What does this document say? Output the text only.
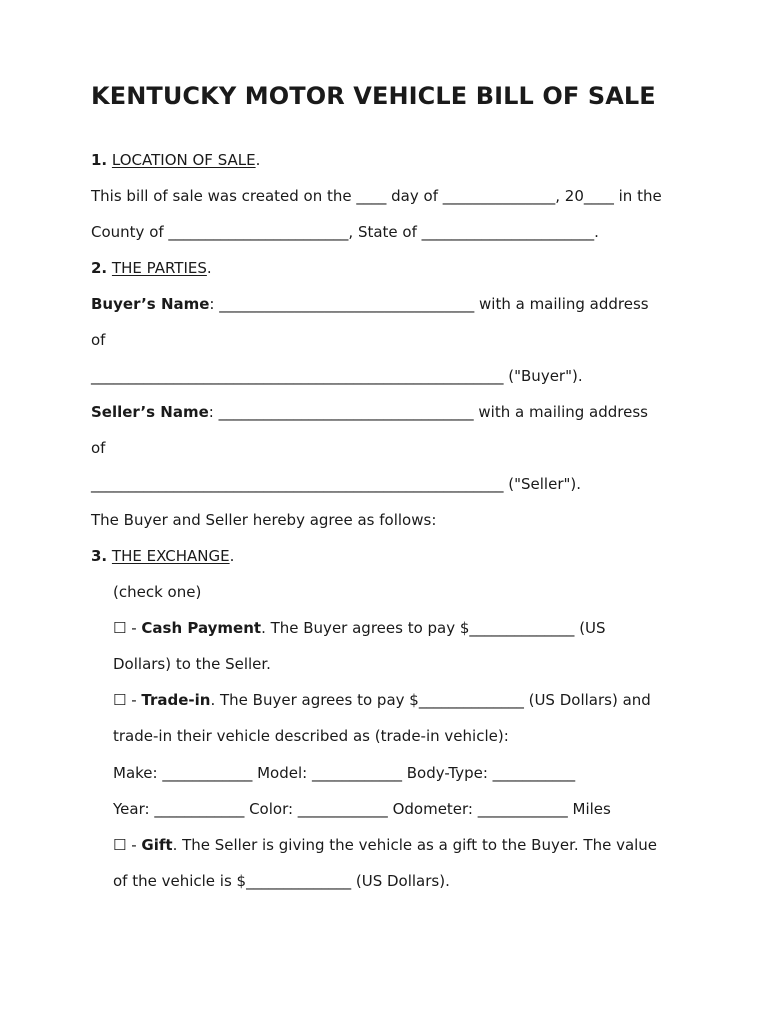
KENTUCKY MOTOR VEHICLE BILL OF SALE

1. LOCATION OF SALE.

This bill of sale was created on the ____ day of _______________, 20____ in the

County of ________________________, State of _______________________.

2. THE PARTIES.

Buyer’s Name: __________________________________ with a mailing address

of

_______________________________________________________ ("Buyer").

Seller’s Name: __________________________________ with a mailing address

of

_______________________________________________________ ("Seller").

The Buyer and Seller hereby agree as follows:

3. THE EXCHANGE.

(check one)

☐ - Cash Payment. The Buyer agrees to pay $______________ (US

Dollars) to the Seller.

☐ - Trade-in. The Buyer agrees to pay $______________ (US Dollars) and

trade-in their vehicle described as (trade-in vehicle):

Make: ____________ Model: ____________ Body-Type: ___________

Year: ____________ Color: ____________ Odometer: ____________ Miles

☐ - Gift. The Seller is giving the vehicle as a gift to the Buyer. The value

of the vehicle is $______________ (US Dollars).
